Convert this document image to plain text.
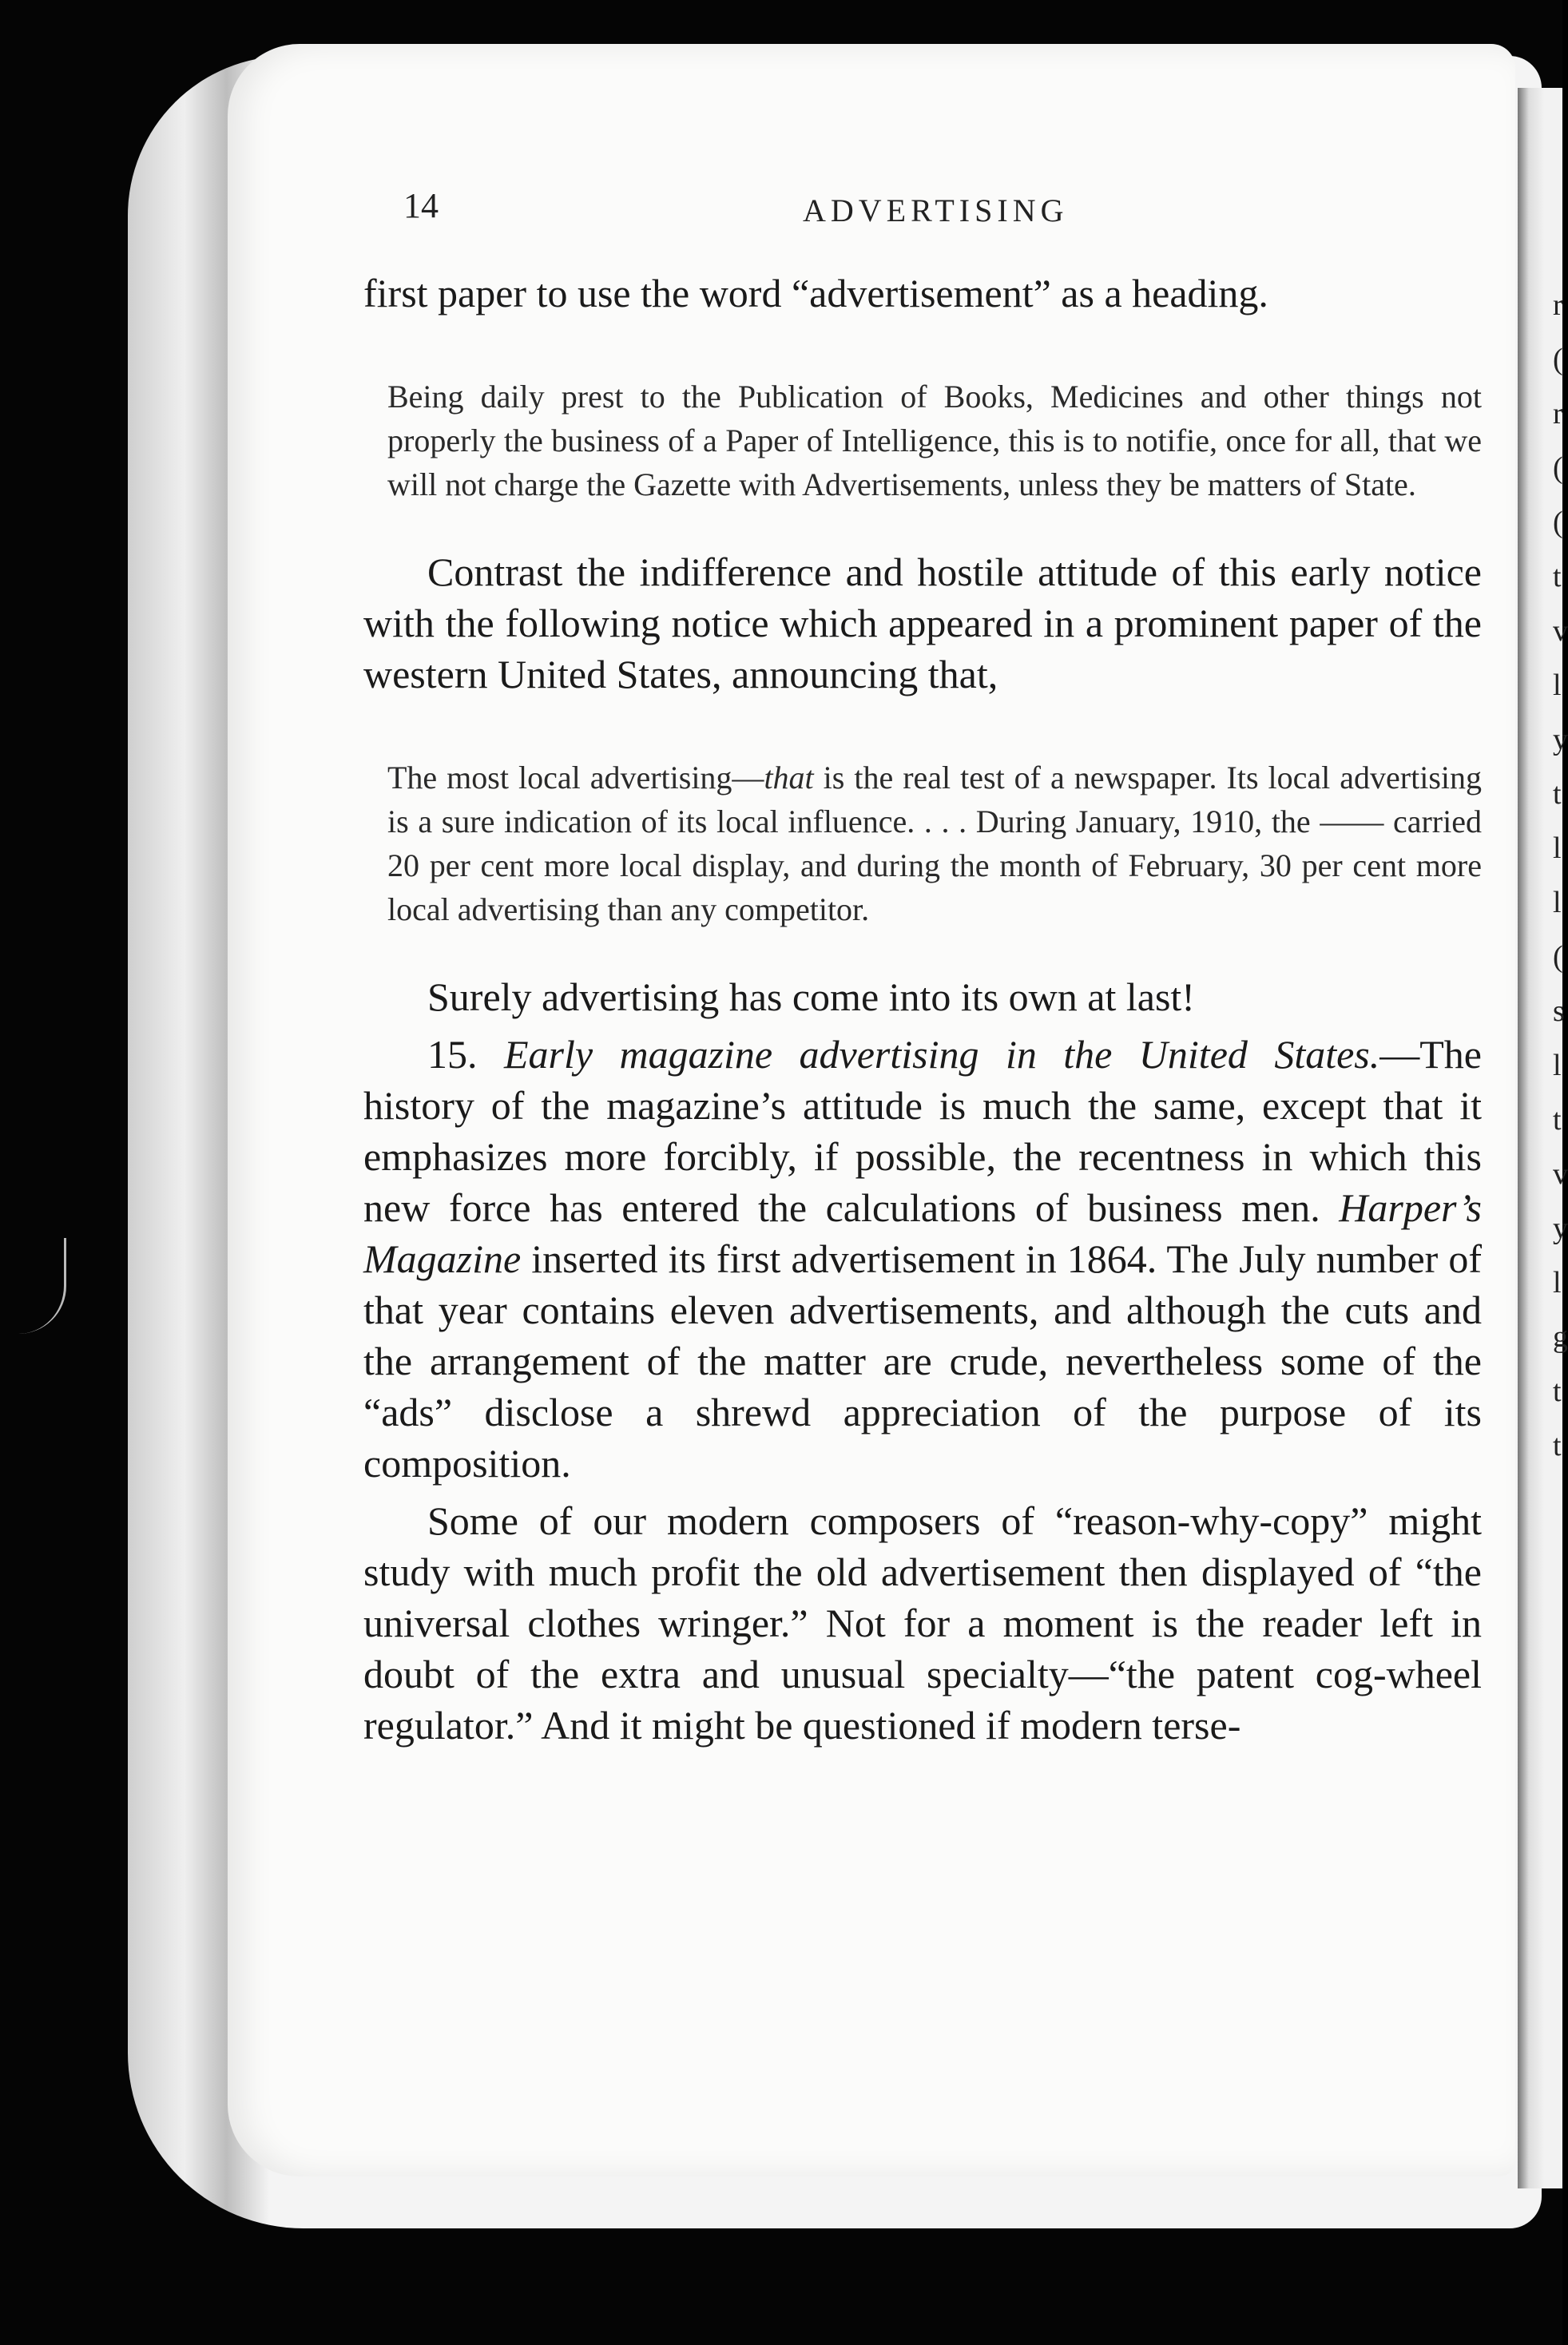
14	ADVERTISING

first paper to use the word “advertisement” as a heading.

Being daily prest to the Publication of Books, Medicines and other things not properly the business of a Paper of Intelligence, this is to notifie, once for all, that we will not charge the Gazette with Advertisements, unless they be matters of State.

Contrast the indifference and hostile attitude of this early notice with the following notice which appeared in a prominent paper of the western United States, announcing that,

The most local advertising—that is the real test of a newspaper. Its local advertising is a sure indication of its local influence. . . . During January, 1910, the —— carried 20 per cent more local display, and during the month of February, 30 per cent more local advertising than any competitor.

Surely advertising has come into its own at last!

15. Early magazine advertising in the United States.—The history of the magazine’s attitude is much the same, except that it emphasizes more forcibly, if possible, the recentness in which this new force has entered the calculations of business men. Harper’s Magazine inserted its first advertisement in 1864. The July number of that year contains eleven advertisements, and although the cuts and the arrangement of the matter are crude, nevertheless some of the “ads” disclose a shrewd appreciation of the purpose of its composition.

Some of our modern composers of “reason-why-copy” might study with much profit the old advertisement then displayed of “the universal clothes wringer.” Not for a moment is the reader left in doubt of the extra and unusual specialty—“the patent cog-wheel regulator.” And it might be questioned if modern terse-

r
(
r
(
(
t
v
l
y
t
l
l
(
s
l
t
v
y
l
g
t
t
